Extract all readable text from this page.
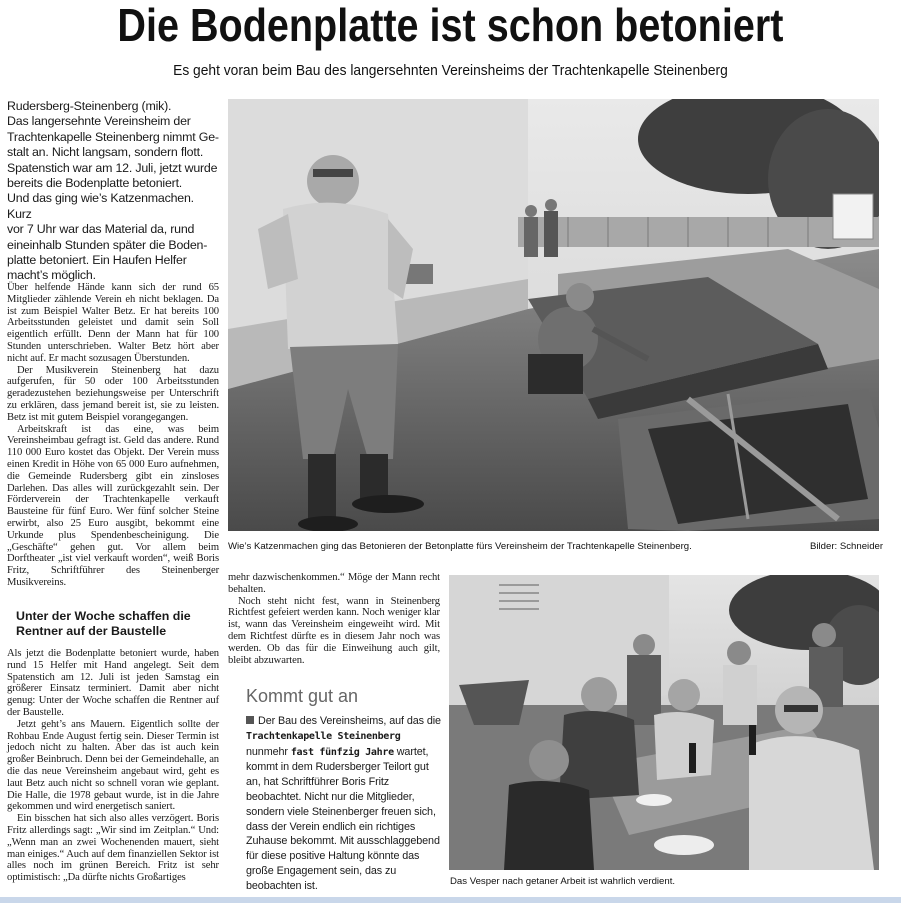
Die Bodenplatte ist schon betoniert
Es geht voran beim Bau des langersehnten Vereinsheims der Trachtenkapelle Steinenberg

Rudersberg-Steinenberg (mik).

Das langersehnte Vereinsheim der

Trachtenkapelle Steinenberg nimmt Ge-

stalt an. Nicht langsam, sondern flott.

Spatenstich war am 12. Juli, jetzt wurde

bereits die Bodenplatte betoniert.

Und das ging wie’s Katzenmachen. Kurz

vor 7 Uhr war das Material da, rund

eineinhalb Stunden später die Boden-

platte betoniert. Ein Haufen Helfer

macht’s möglich.

Über helfende Hände kann sich der rund 65 Mitglieder zählende Verein eh nicht beklagen. Da ist zum Beispiel Walter Betz. Er hat bereits 100 Arbeitsstunden geleistet und damit sein Soll eigentlich erfüllt. Denn der Mann hat für 100 Stunden unterschrieben. Walter Betz hört aber nicht auf. Er macht sozusagen Überstunden.

Der Musikverein Steinenberg hat dazu aufgerufen, für 50 oder 100 Arbeitsstunden geradezustehen beziehungsweise per Unterschrift zu erklären, dass jemand bereit ist, sie zu leisten. Betz ist mit gutem Beispiel vorangegangen.

Arbeitskraft ist das eine, was beim Vereinsheimbau gefragt ist. Geld das andere. Rund 110 000 Euro kostet das Objekt. Der Verein muss einen Kredit in Höhe von 65 000 Euro aufnehmen, die Gemeinde Rudersberg gibt ein zinsloses Darlehen. Das alles will zurückgezahlt sein. Der Förderverein der Trachtenkapelle verkauft Bausteine für fünf Euro. Wer fünf solcher Steine erwirbt, also 25 Euro ausgibt, bekommt eine Urkunde plus Spendenbescheinigung. Die „Geschäfte“ gehen gut. Vor allem beim Dorftheater „ist viel verkauft worden“, weiß Boris Fritz, Schriftführer des Steinenberger Musikvereins.

Unter der Woche schaffen die Rentner auf der Baustelle

Als jetzt die Bodenplatte betoniert wurde, haben rund 15 Helfer mit Hand angelegt. Seit dem Spatenstich am 12. Juli ist jeden Samstag ein größerer Einsatz terminiert. Damit aber nicht genug: Unter der Woche schaffen die Rentner auf der Baustelle.

Jetzt geht’s ans Mauern. Eigentlich sollte der Rohbau Ende August fertig sein. Dieser Termin ist jedoch nicht zu halten. Aber das ist auch kein großer Beinbruch. Denn bei der Gemeindehalle, an die das neue Vereinsheim angebaut wird, geht es laut Betz auch nicht so schnell voran wie geplant. Die Halle, die 1978 gebaut wurde, ist in die Jahre gekommen und wird energetisch saniert.

Ein bisschen hat sich also alles verzögert. Boris Fritz allerdings sagt: „Wir sind im Zeitplan.“ Und: „Wenn man an zwei Wochenenden mauert, sieht man einiges.“ Auch auf dem finanziellen Sektor ist alles noch im grünen Bereich. Fritz ist sehr optimistisch: „Da dürfte nichts Großartiges

mehr dazwischenkommen.“ Möge der Mann recht behalten.

Noch steht nicht fest, wann in Steinenberg Richtfest gefeiert werden kann. Noch weniger klar ist, wann das Vereinsheim eingeweiht wird. Mit dem Richtfest dürfte es in diesem Jahr noch was werden. Ob das für die Einweihung auch gilt, bleibt abzuwarten.

Kommt gut an
Der Bau des Vereinsheims, auf das die Trachtenkapelle Steinenberg nunmehr fast fünfzig Jahre wartet, kommt in dem Rudersberger Teilort gut an, hat Schriftführer Boris Fritz beobachtet. Nicht nur die Mitglieder, sondern viele Steinenberger freuen sich, dass der Verein endlich ein richtiges Zuhause bekommt. Mit ausschlaggebend für diese positive Haltung könnte das große Engagement sein, das zu beobachten ist.
Wie’s Katzenmachen ging das Betonieren der Betonplatte fürs Vereinsheim der Trachtenkapelle Steinenberg.	Bilder: Schneider
Das Vesper nach getaner Arbeit ist wahrlich verdient.
